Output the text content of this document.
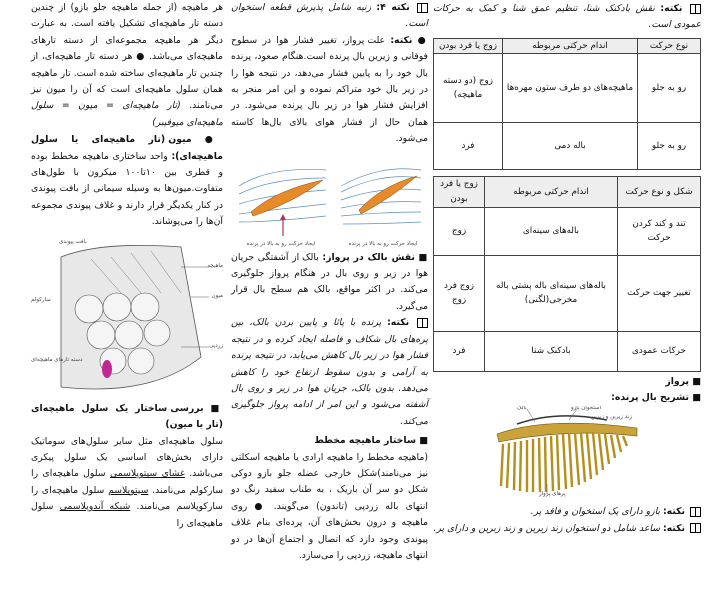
نکته: نقش بادکنک شنا، تنظیم عمق شنا و کمک به حرکات عمودی است.

نوع حرکت	اندام حرکتی مربوطه	زوج یا فرد بودن
رو به جلو	ماهیچه‌های دو طرف ستون مهره‌ها	زوج (دو دسته ماهیچه)
رو به جلو	باله دمی	فرد
شکل و نوع حرکت	اندام حرکتی مربوطه	زوج یا فرد بودن
تند و کند کردن حرکت	باله‌های سینه‌ای	زوج
تغییر جهت حرکت	باله‌های سینه‌ای باله پشتی باله مخرجی(لگنی)	زوج فرد زوج
حرکات عمودی	بادکنک شنا	فرد

■ پرواز

■ تشریح بال پرنده:

بالک	استخوان بازو
زند زیرین و زبرین
پرهای پرواز

نکته: بازو دارای یک استخوان و فاقد پر.

نکته: ساعد شامل دو استخوان زند زیرین و زند زبرین و دارای پر.

نکته ۴: زنبه شامل پذیرش قطعه استخوان است.

● نکته: علت پرواز، تغییر فشار هوا در سطوح فوقانی و زیرین بال پرنده است.هنگام صعود، پرنده بال خود را به پایین فشار می‌دهد، در نتیجه هوا را در زیر بال خود متراکم نموده و این امر منجر به افزایش فشار هوا در زیر بال پرنده می‌شود. در همان حال از فشار هوای بالای بال‌ها کاسته می‌شود.

ایجاد حرکت رو به بالا در پرنده
ایجاد حرکت رو به بالا در پرنده

■ نقش بالک در پرواز: بالک از آشفتگی جریان هوا در زیر و روی بال در هنگام پرواز جلوگیری می‌کند. در اکثر مواقع، بالک هم سطح بال قرار می‌گیرد.

نکته: پرنده با پائا و پایین بردن بالک، بین پره‌های بال شکاف و فاصله ایجاد کرده و در نتیجه فشار هوا در زیر بال کاهش می‌یابد، در نتیجه پرنده به آرامی و بدون سقوط ارتفاع خود را کاهش می‌دهد. بدون بالک، جریان هوا در زیر و روی بال آشفته می‌شود و این امر از ادامه پرواز جلوگیری می‌کند.

■ ساختار ماهیچه مخطط

(ماهیچه مخطط را ماهیچه ارادی یا ماهیچه اسکلتی نیز می‌نامند)شکل خارجی عضله جلو بازو دوکی شکل دو سر آن باریک ، به طناب سفید رنگ دو انتهای باله زردپی (تاندون) می‌گویند. ● روی ماهیچه و درون بخش‌های آن، پرده‌ای بنام غلاف پیوندی وجود دارد که اتصال و اجتماع آن‌ها در دو انتهای ماهیچه، زردپی را می‌سازد.

هر ماهیچه (از جمله ماهیچه جلو بازو) از چندین دسته تار ماهیچه‌ای تشکیل یافته است. به عبارت دیگر هر ماهیچه مجموعه‌ای از دسته تارهای ماهیچه‌ای می‌باشد. ● هر دسته تار ماهیچه‌ای، از چندین تار ماهیچه‌ای ساخته شده است. تار ماهیچه همان سلول ماهیچه‌ای است که آن را میون نیز می‌نامند. (تار ماهیچه‌ای = میون = سلول ماهیچه‌ای میوفیبر)

● میون (تار ماهیچه‌ای یا سلول ماهیچه‌ای): واحد ساختاری ماهیچه مخطط بوده و قطری بین ۱۰تا۱۰۰ میکرون با طول‌های متفاوت.میون‌ها به وسیله سیمانی از بافت پیوندی در کنار یکدیگر قرار دارند و غلاف پیوندی مجموعه آن‌ها را می‌پوشاند.

بافت پیوندی
ماهیچه
میون
زردپی
سارکولم
دسته تارهای ماهیچه‌ای

■ بررسی ساختار یک سلول ماهیچه‌ای (تار یا میون)

سلول ماهیچه‌ای مثل سایر سلول‌های سوماتیک دارای بخش‌های اساسی یک سلول پیکری می‌باشد. غشای سیتوپلاسمی سلول ماهیچه‌ای را سارکولم می‌نامند. سیتوپلاسم سلول ماهیچه‌ای را سارکوپلاسم می‌نامند. شبکه آندوپلاسمی سلول ماهیچه‌ای را
